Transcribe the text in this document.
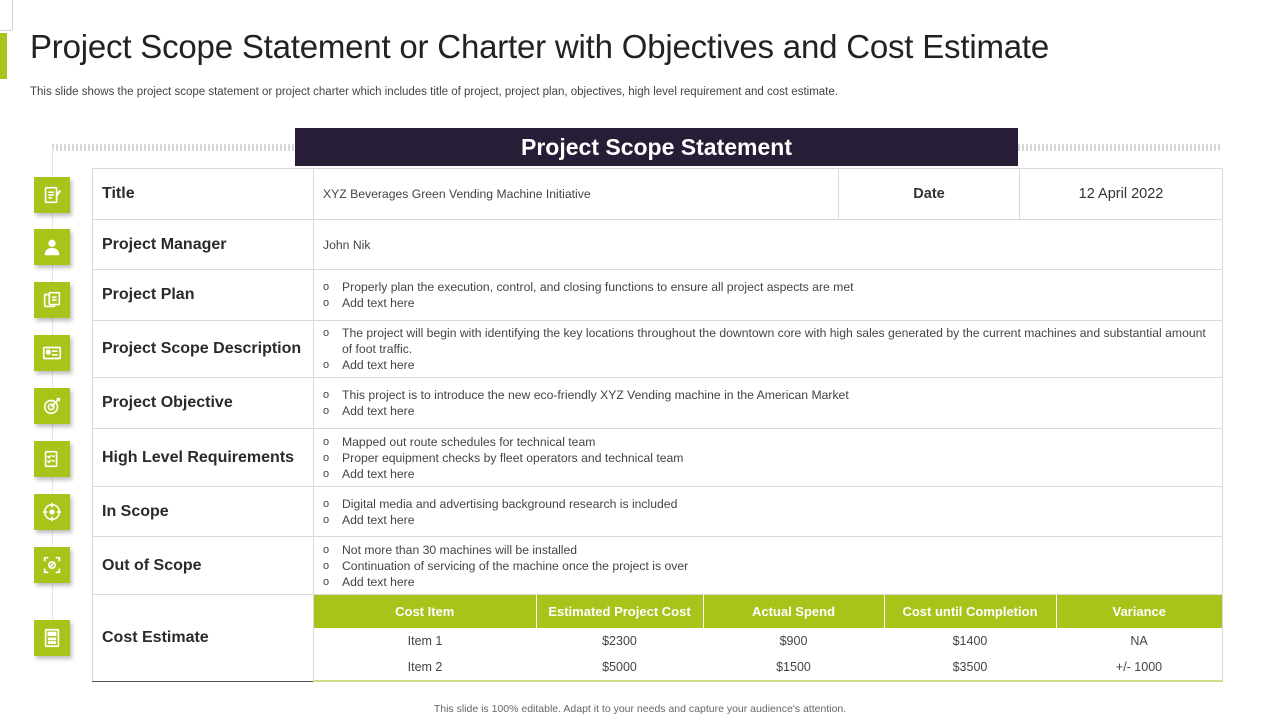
Project Scope Statement or Charter with Objectives and Cost Estimate

This slide shows the project scope statement or project charter which includes title of project, project plan, objectives, high level requirement and cost estimate.

Project Scope Statement
Title	XYZ Beverages Green Vending Machine Initiative	Date	12 April 2022
Project Manager	John Nik
Project Plan	o	Properly plan the execution, control, and closing functions to ensure all project aspects are met
o	Add text here

Project Scope Description	
o	The project will begin with identifying the key locations throughout the downtown core with high sales generated by the current machines and substantial amount of foot traffic.
o	Add text here

Project Objective	o	This project is to introduce the new eco-friendly XYZ Vending machine in the American Market
o	Add text here

High Level Requirements	
o	Mapped out route schedules for technical team
o	Proper equipment checks by fleet operators and technical team
o	Add text here

In Scope	o	Digital media and advertising background research is included
o	Add text here

Out of Scope	
o	Not more than 30 machines will be installed
o	Continuation of servicing of the machine once the project is over
o	Add text here

Cost Estimate	
Cost Item	Estimated Project Cost	Actual Spend	Cost until Completion	Variance
Item 1	$2300	$900	$1400	NA
Item 2	$5000	$1500	$3500	+/- 1000
This slide is 100% editable. Adapt it to your needs and capture your audience's attention.
